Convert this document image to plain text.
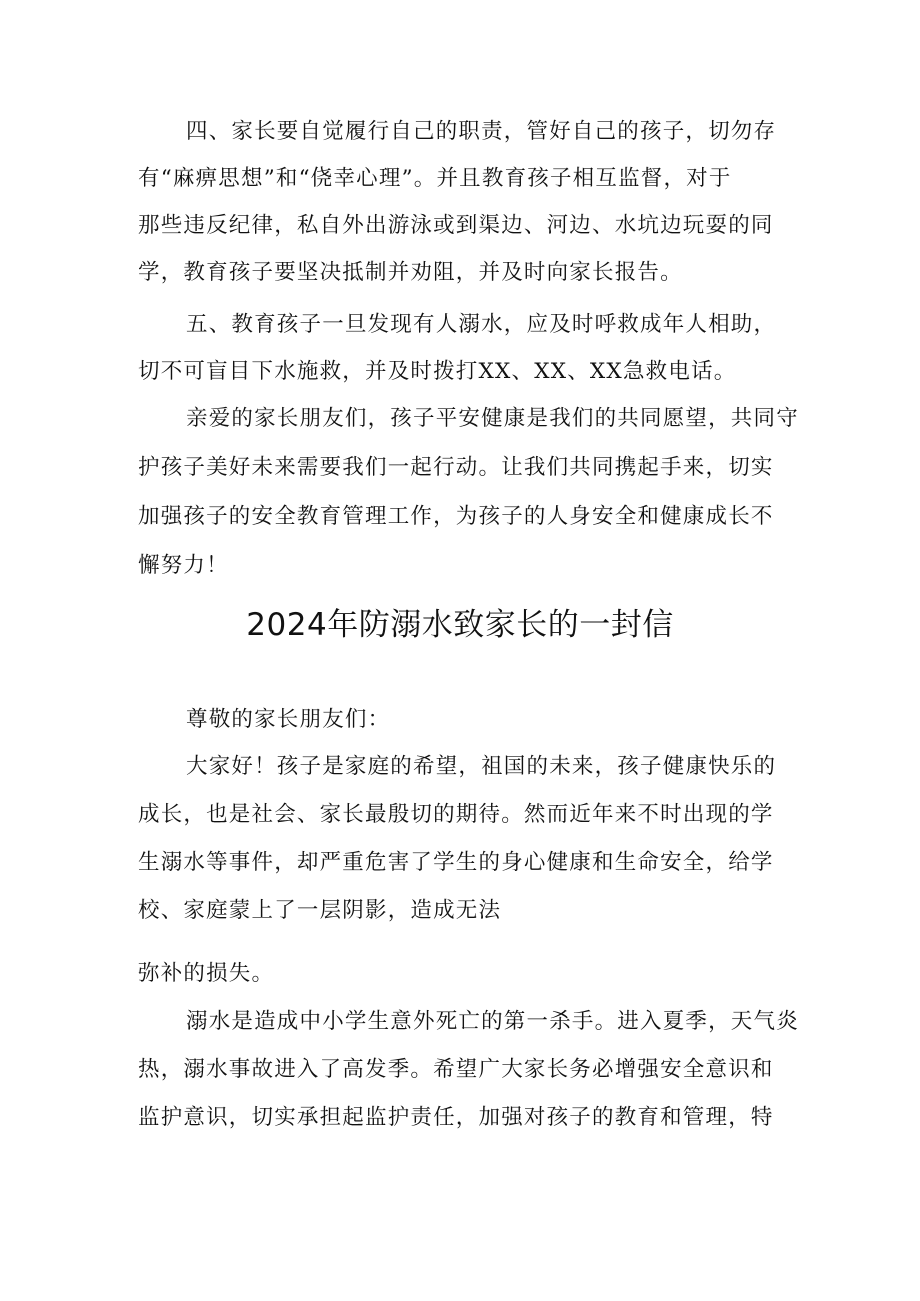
四、家长要自觉履行自己的职责，管好自己的孩子，切勿存
有“麻痹思想”和“侥幸心理”。并且教育孩子相互监督，对于
那些违反纪律，私自外出游泳或到渠边、河边、水坑边玩耍的同
学，教育孩子要坚决抵制并劝阻，并及时向家长报告。
五、教育孩子一旦发现有人溺水，应及时呼救成年人相助，
切不可盲目下水施救，并及时拨打XX、XX、XX急救电话。
亲爱的家长朋友们，孩子平安健康是我们的共同愿望，共同守
护孩子美好未来需要我们一起行动。让我们共同携起手来，切实
加强孩子的安全教育管理工作，为孩子的人身安全和健康成长不
懈努力！
2024年防溺水致家长的一封信
尊敬的家长朋友们：
大家好！孩子是家庭的希望，祖国的未来，孩子健康快乐的
成长，也是社会、家长最殷切的期待。然而近年来不时出现的学
生溺水等事件，却严重危害了学生的身心健康和生命安全，给学
校、家庭蒙上了一层阴影，造成无法
弥补的损失。
溺水是造成中小学生意外死亡的第一杀手。进入夏季，天气炎
热，溺水事故进入了高发季。希望广大家长务必增强安全意识和
监护意识，切实承担起监护责任，加强对孩子的教育和管理，特
